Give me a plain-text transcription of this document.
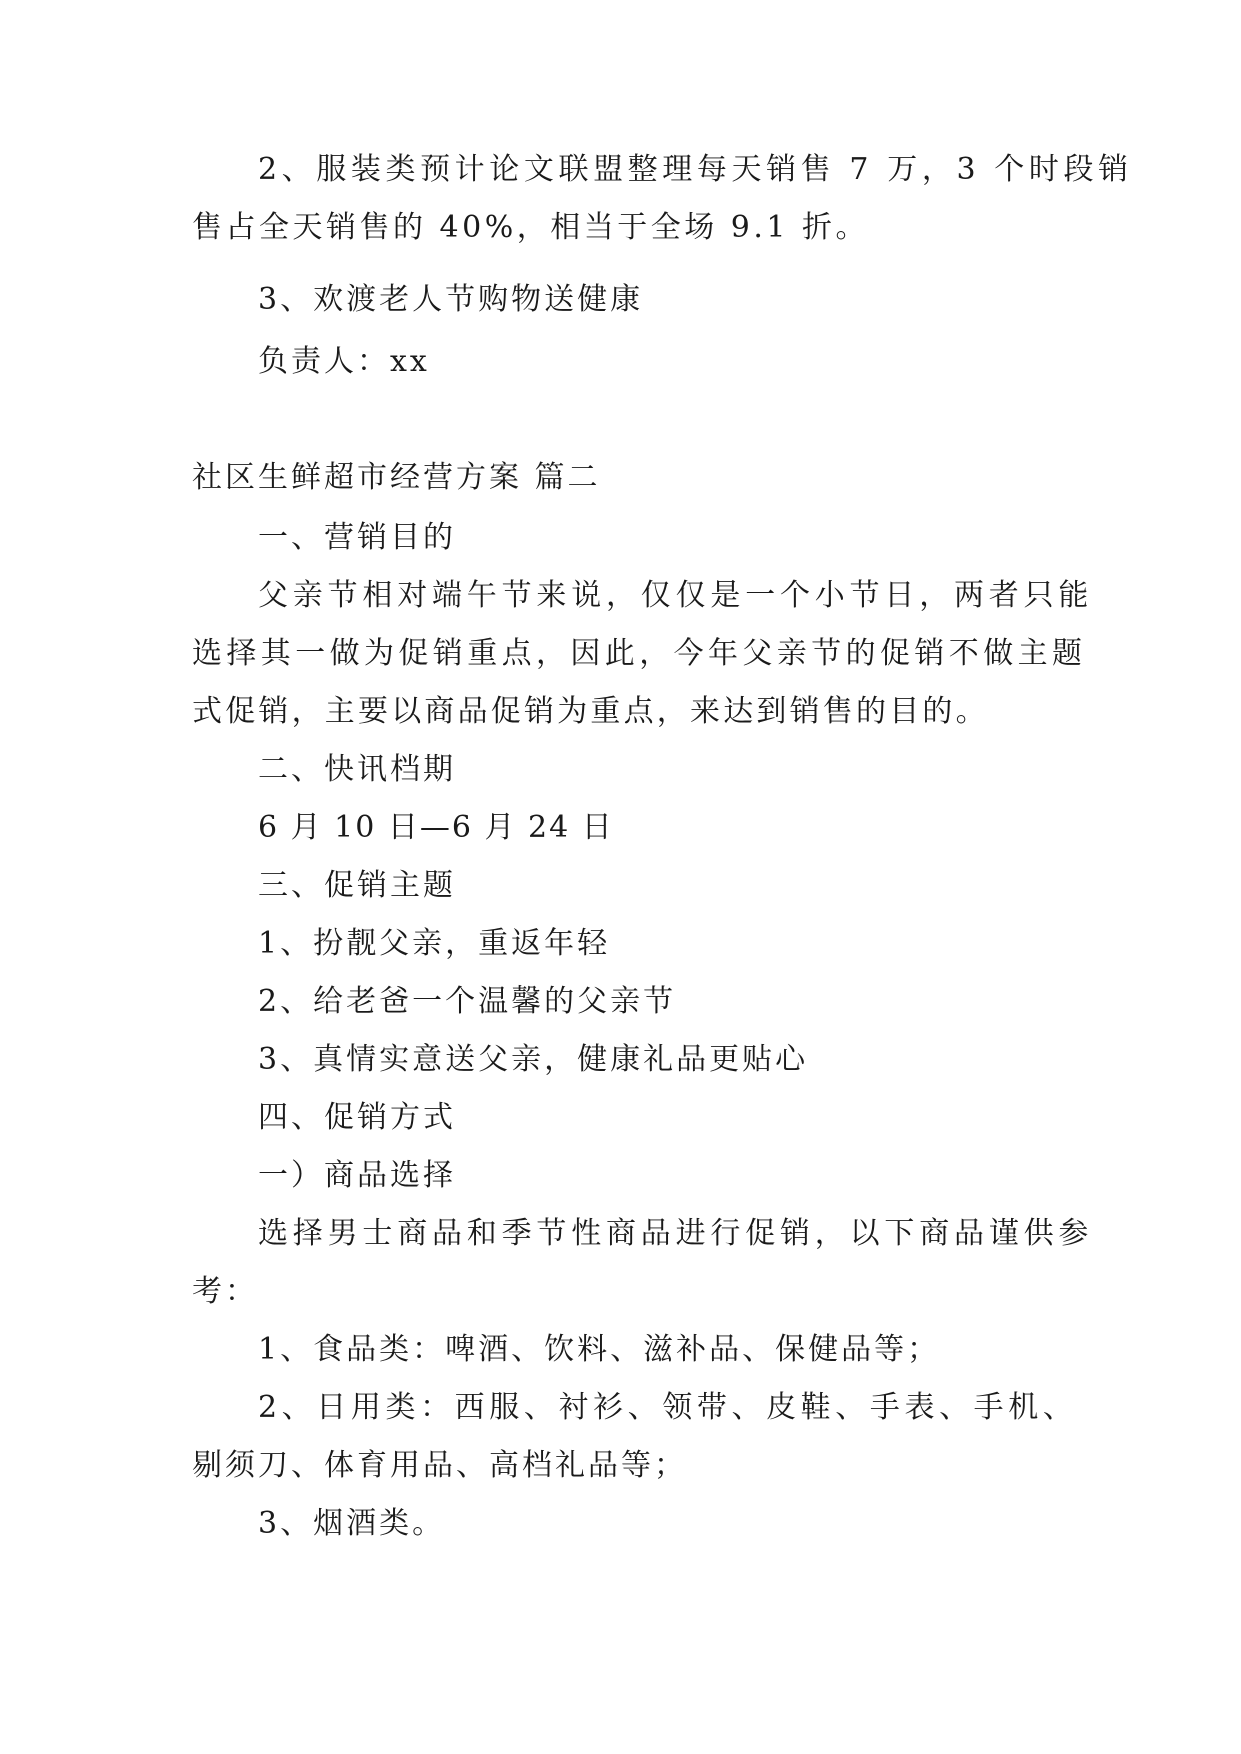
2、服装类预计论文联盟整理每天销售 7 万，3 个时段销
售占全天销售的 40%，相当于全场 9.1 折。
3、欢渡老人节购物送健康
负责人：xx
社区生鲜超市经营方案 篇二
一、营销目的
父亲节相对端午节来说，仅仅是一个小节日，两者只能
选择其一做为促销重点，因此，今年父亲节的促销不做主题
式促销，主要以商品促销为重点，来达到销售的目的。
二、快讯档期
6 月 10 日—6 月 24 日
三、促销主题
1、扮靓父亲，重返年轻
2、给老爸一个温馨的父亲节
3、真情实意送父亲，健康礼品更贴心
四、促销方式
一）商品选择
选择男士商品和季节性商品进行促销，以下商品谨供参
考：
1、食品类：啤酒、饮料、滋补品、保健品等；
2、日用类：西服、衬衫、领带、皮鞋、手表、手机、
剔须刀、体育用品、高档礼品等；
3、烟酒类。
